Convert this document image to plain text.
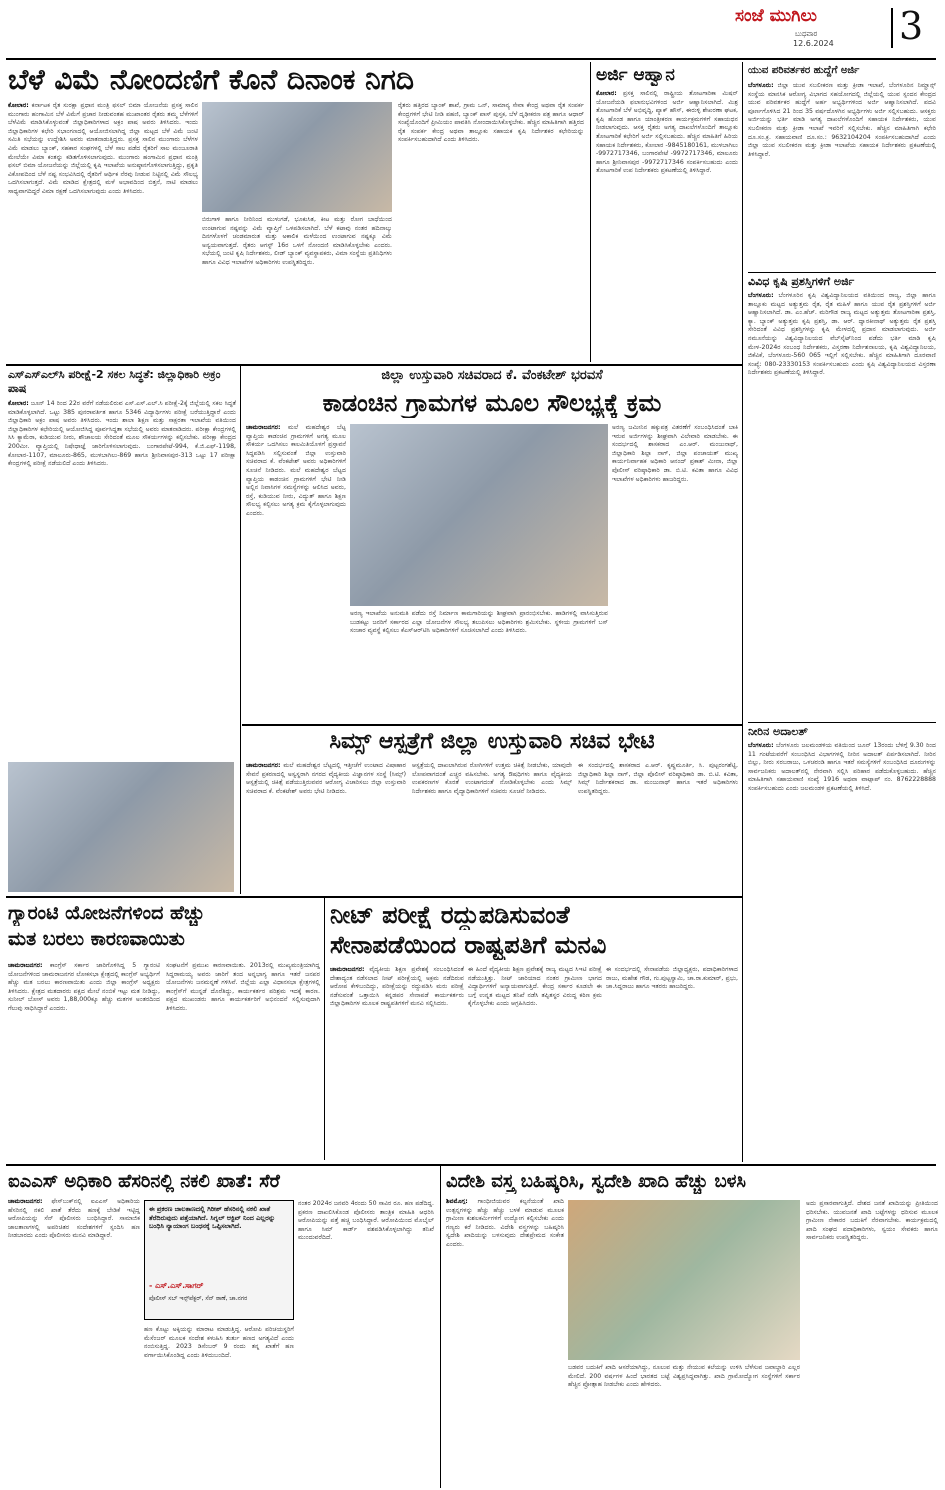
ಸಂಜೆ ಮುಗಿಲು
ಬುಧವಾರ
12.6.2024 3
ಬೆಳೆ ವಿಮೆ ನೋಂದಣಿಗೆ ಕೊನೆ ದಿನಾಂಕ ನಿಗದಿ
ಕೋಲಾರ: ಕರ್ನಾಟಕ ರೈತ ಸುರಕ್ಷಾ ಪ್ರಧಾನ ಮಂತ್ರಿ ಫಸಲ್ ಬಿಮಾ ಯೋಜನೆಯ ಪ್ರಸಕ್ತ ಸಾಲಿನ ಮುಂಗಾರು ಹಂಗಾಮಿನ ಬೆಳೆ ವಿಮೆಗೆ ಪ್ರಚಾರ ನೀಡುವಂತಹ ಮುಖಾಂತರ ರೈತರು ತಮ್ಮ ಬೆಳೆಗಳಿಗೆ ಬೆಳೆವಿಮೆ ಮಾಡಿಸಿಕೊಳ್ಳುವಂತೆ ಜಿಲ್ಲಾಧಿಕಾರಿಗಳಾದ ಅಕ್ರಂ ಪಾಷ ಅವರು ತಿಳಿಸಿದರು. ಇಂದು ಜಿಲ್ಲಾಧಿಕಾರಿಗಳ ಕಛೇರಿ ಸಭಾಂಗಣದಲ್ಲಿ ಆಯೋಜಿಸಲಾಗಿದ್ದ ಜಿಲ್ಲಾ ಮಟ್ಟದ ಬೆಳೆ ವಿಮೆ ಜಂಟಿ ಸಮಿತಿ ಸಭೆಯನ್ನು ಉದ್ದೇಶಿಸಿ ಅವರು ಮಾತನಾಡುತ್ತಿದ್ದರು. ಪ್ರಸಕ್ತ ಸಾಲಿನ ಮುಂಗಾರು ಬೆಳೆಗಳ ವಿಮೆ ಮಾಡಲು ಬ್ಯಾಂಕ್, ಸಹಕಾರ ಸಂಘಗಳಲ್ಲಿ ಬೆಳೆ ಸಾಲ ಪಡೆದ ರೈತರಿಗೆ ಸಾಲ ಮಂಜೂರಾತಿ ಮೇಲೆಯೇ ವಿಮಾ ಕಂತನ್ನು ಕಡಿತಗೊಳಿಸಲಾಗುವುದು. ಮುಂಗಾರು ಹಂಗಾಮಿನ ಪ್ರಧಾನ ಮಂತ್ರಿ ಫಸಲ್ ಬಿಮಾ ಯೋಜನೆಯನ್ನು ಜಿಲ್ಲೆಯಲ್ಲಿ ಕೃಷಿ ಇಲಾಖೆಯ ಅನುಷ್ಠಾನಗೊಳಿಸಲಾಗುತ್ತಿದ್ದು, ಪ್ರಕೃತಿ ವಿಕೋಪದಿಂದ ಬೆಳೆ ನಷ್ಟ ಸಂಭವಿಸಿದಲ್ಲಿ ರೈತರಿಗೆ ಆರ್ಥಿಕ ನೆರವು ನೀಡುವ ನಿಟ್ಟಿನಲ್ಲಿ ವಿಮೆ ಸೌಲಭ್ಯ ಒದಗಿಸಲಾಗುತ್ತದೆ. ವಿಮೆ ಮಾಡಿದ ಕ್ಷೇತ್ರದಲ್ಲಿ ಮಳೆ ಅಭಾವದಿಂದ ಬಿತ್ತನೆ, ನಾಟಿ ಮಾಡಲು ಸಾಧ್ಯವಾಗದಿದ್ದರೆ ವಿಮಾ ರಕ್ಷಣೆ ಒದಗಿಸಲಾಗುವುದು ಎಂದು ತಿಳಿಸಿದರು.
ಬಿರುಗಾಳಿ ಹಾಗೂ ನೀರಿನಿಂದ ಮುಳುಗಡೆ, ಭೂಕುಸಿತ, ಕೀಟ ಮತ್ತು ರೋಗ ಬಾಧೆಯಿಂದ ಉಂಟಾಗುವ ನಷ್ಟವನ್ನು ವಿಮೆ ವ್ಯಾಪ್ತಿಗೆ ಒಳಪಡಿಸಲಾಗಿದೆ. ಬೆಳೆ ಕಟಾವು ನಂತರ ಹದಿನಾಲ್ಕು ದಿನಗಳೊಳಗೆ ಚಂಡಮಾರುತ ಮತ್ತು ಅಕಾಲಿಕ ಮಳೆಯಿಂದ ಉಂಟಾಗುವ ನಷ್ಟಕ್ಕೂ ವಿಮೆ ಅನ್ವಯವಾಗುತ್ತದೆ. ರೈತರು ಆಗಸ್ಟ್ 16ರ ಒಳಗೆ ನೋಂದಣಿ ಮಾಡಿಸಿಕೊಳ್ಳಬೇಕು ಎಂದರು. ಸಭೆಯಲ್ಲಿ ಜಂಟಿ ಕೃಷಿ ನಿರ್ದೇಶಕರು, ಲೀಡ್ ಬ್ಯಾಂಕ್ ವ್ಯವಸ್ಥಾಪಕರು, ವಿಮಾ ಸಂಸ್ಥೆಯ ಪ್ರತಿನಿಧಿಗಳು ಹಾಗೂ ವಿವಿಧ ಇಲಾಖೆಗಳ ಅಧಿಕಾರಿಗಳು ಉಪಸ್ಥಿತರಿದ್ದರು.
ರೈತರು ಹತ್ತಿರದ ಬ್ಯಾಂಕ್ ಶಾಖೆ, ಗ್ರಾಮ ಒನ್, ಸಾಮಾನ್ಯ ಸೇವಾ ಕೇಂದ್ರ ಅಥವಾ ರೈತ ಸಂಪರ್ಕ ಕೇಂದ್ರಗಳಿಗೆ ಭೇಟಿ ನೀಡಿ ಪಹಣಿ, ಬ್ಯಾಂಕ್ ಪಾಸ್ ಪುಸ್ತಕ, ಬೆಳೆ ದೃಢೀಕರಣ ಪತ್ರ ಹಾಗೂ ಆಧಾರ್ ಸಂಖ್ಯೆಯೊಂದಿಗೆ ಪ್ರೀಮಿಯಂ ಪಾವತಿಸಿ ನೋಂದಾಯಿಸಿಕೊಳ್ಳಬೇಕು. ಹೆಚ್ಚಿನ ಮಾಹಿತಿಗಾಗಿ ಹತ್ತಿರದ ರೈತ ಸಂಪರ್ಕ ಕೇಂದ್ರ ಅಥವಾ ತಾಲ್ಲೂಕು ಸಹಾಯಕ ಕೃಷಿ ನಿರ್ದೇಶಕರ ಕಛೇರಿಯನ್ನು ಸಂಪರ್ಕಿಸಬಹುದಾಗಿದೆ ಎಂದು ತಿಳಿಸಿದರು.
ಅರ್ಜಿ ಆಹ್ವಾನ
ಕೋಲಾರ: ಪ್ರಸಕ್ತ ಸಾಲಿನಲ್ಲಿ ರಾಷ್ಟ್ರೀಯ ತೋಟಗಾರಿಕಾ ಮಿಷನ್ ಯೋಜನೆಯಡಿ ಫಲಾನುಭವಿಗಳಿಂದ ಅರ್ಜಿ ಆಹ್ವಾನಿಸಲಾಗಿದೆ. ಮಿಶ್ರ ತೋಟಗಾರಿಕೆ ಬೆಳೆ ಅಭಿವೃದ್ಧಿ, ಪ್ಯಾಕ್ ಹೌಸ್, ಈರುಳ್ಳಿ ಶೇಖರಣಾ ಘಟಕ, ಕೃಷಿ ಹೊಂಡ ಹಾಗೂ ಯಾಂತ್ರೀಕರಣ ಕಾರ್ಯಕ್ರಮಗಳಿಗೆ ಸಹಾಯಧನ ನೀಡಲಾಗುವುದು. ಆಸಕ್ತ ರೈತರು ಅಗತ್ಯ ದಾಖಲೆಗಳೊಂದಿಗೆ ತಾಲ್ಲೂಕು ತೋಟಗಾರಿಕೆ ಕಛೇರಿಗೆ ಅರ್ಜಿ ಸಲ್ಲಿಸಬಹುದು. ಹೆಚ್ಚಿನ ಮಾಹಿತಿಗೆ ಹಿರಿಯ ಸಹಾಯಕ ನಿರ್ದೇಶಕರು, ಕೋಲಾರ -9845180161, ಮುಳಬಾಗಿಲು -9972717346, ಬಂಗಾರಪೇಟೆ -9972717346, ಮಾಲೂರು ಹಾಗೂ ಶ್ರೀನಿವಾಸಪುರ -9972717346 ಸಂಪರ್ಕಿಸಬಹುದು ಎಂದು ತೋಟಗಾರಿಕೆ ಉಪ ನಿರ್ದೇಶಕರು ಪ್ರಕಟಣೆಯಲ್ಲಿ ತಿಳಿಸಿದ್ದಾರೆ.
ಯುವ ಪರಿವರ್ತಕರ ಹುದ್ದೆಗೆ ಅರ್ಜಿ
ಬೆಂಗಳೂರು: ಜಿಲ್ಲಾ ಯುವ ಸಬಲೀಕರಣ ಮತ್ತು ಕ್ರೀಡಾ ಇಲಾಖೆ, ಬೆಂಗಳೂರಿನ ನಿಮ್ಹಾನ್ಸ್ ಸಂಸ್ಥೆಯ ಮಾನಸಿಕ ಆರೋಗ್ಯ ವಿಭಾಗದ ಸಹಯೋಗದಲ್ಲಿ ಜಿಲ್ಲೆಯಲ್ಲಿ ಯುವ ಸ್ಪಂದನ ಕೇಂದ್ರದ ಯುವ ಪರಿವರ್ತಕರ ಹುದ್ದೆಗೆ ಅರ್ಹ ಅಭ್ಯರ್ಥಿಗಳಿಂದ ಅರ್ಜಿ ಆಹ್ವಾನಿಸಲಾಗಿದೆ. ಪದವಿ ಪೂರ್ಣಗೊಳಿಸಿದ 21 ರಿಂದ 35 ವರ್ಷದೊಳಗಿನ ಅಭ್ಯರ್ಥಿಗಳು ಅರ್ಜಿ ಸಲ್ಲಿಸಬಹುದು. ಆಸಕ್ತರು ಅರ್ಜಿಯನ್ನು ಭರ್ತಿ ಮಾಡಿ ಅಗತ್ಯ ದಾಖಲೆಗಳೊಂದಿಗೆ ಸಹಾಯಕ ನಿರ್ದೇಶಕರು, ಯುವ ಸಬಲೀಕರಣ ಮತ್ತು ಕ್ರೀಡಾ ಇಲಾಖೆ ಇವರಿಗೆ ಸಲ್ಲಿಸಬೇಕು. ಹೆಚ್ಚಿನ ಮಾಹಿತಿಗಾಗಿ ಕಛೇರಿ ದೂ.ಸಂ.ಕ್ರ. ಸಹಾಯವಾಣಿ ದೂ.ಸಂ.: 9632104204 ಸಂಪರ್ಕಿಸಬಹುದಾಗಿದೆ ಎಂದು ಜಿಲ್ಲಾ ಯುವ ಸಬಲೀಕರಣ ಮತ್ತು ಕ್ರೀಡಾ ಇಲಾಖೆಯ ಸಹಾಯಕ ನಿರ್ದೇಶಕರು ಪ್ರಕಟಣೆಯಲ್ಲಿ ತಿಳಿಸಿದ್ದಾರೆ.
ವಿವಿಧ ಕೃಷಿ ಪ್ರಶಸ್ತಿಗಳಿಗೆ ಅರ್ಜಿ
ಬೆಂಗಳೂರು: ಬೆಂಗಳೂರಿನ ಕೃಷಿ ವಿಶ್ವವಿದ್ಯಾನಿಲಯದ ವತಿಯಿಂದ ರಾಜ್ಯ, ಜಿಲ್ಲಾ ಹಾಗೂ ತಾಲ್ಲೂಕು ಮಟ್ಟದ ಅತ್ಯುತ್ತಮ ರೈತ, ರೈತ ಮಹಿಳೆ ಹಾಗೂ ಯುವ ರೈತ ಪ್ರಶಸ್ತಿಗಳಿಗೆ ಅರ್ಜಿ ಆಹ್ವಾನಿಸಲಾಗಿದೆ. ಡಾ. ಎಂ.ಹೆಚ್. ಮರಿಗೌಡ ರಾಜ್ಯ ಮಟ್ಟದ ಅತ್ಯುತ್ತಮ ತೋಟಗಾರಿಕಾ ಪ್ರಶಸ್ತಿ, ಕ್ಯಾ. ಬ್ಯಾಂಕ್ ಅತ್ಯುತ್ತಮ ಕೃಷಿ ಪ್ರಶಸ್ತಿ, ಡಾ. ಆರ್. ದ್ವಾರಕೀನಾಥ್ ಅತ್ಯುತ್ತಮ ರೈತ ಪ್ರಶಸ್ತಿ ಸೇರಿದಂತೆ ವಿವಿಧ ಪ್ರಶಸ್ತಿಗಳನ್ನು ಕೃಷಿ ಮೇಳದಲ್ಲಿ ಪ್ರದಾನ ಮಾಡಲಾಗುವುದು. ಅರ್ಜಿ ನಮೂನೆಯನ್ನು ವಿಶ್ವವಿದ್ಯಾನಿಲಯದ ವೆಬ್‌ಸೈಟ್‌ನಿಂದ ಪಡೆದು ಭರ್ತಿ ಮಾಡಿ ಕೃಷಿ ಮೇಳ-2024ರ ಸಂಬಂಧ ನಿರ್ದೇಶಕರು, ವಿಸ್ತರಣಾ ನಿರ್ದೇಶನಾಲಯ, ಕೃಷಿ ವಿಶ್ವವಿದ್ಯಾನಿಲಯ, ಜಿಕೆವಿಕೆ, ಬೆಂಗಳೂರು-560 065 ಇಲ್ಲಿಗೆ ಸಲ್ಲಿಸಬೇಕು. ಹೆಚ್ಚಿನ ಮಾಹಿತಿಗಾಗಿ ದೂರವಾಣಿ ಸಂಖ್ಯೆ: 080-23330153 ಸಂಪರ್ಕಿಸಬಹುದು ಎಂದು ಕೃಷಿ ವಿಶ್ವವಿದ್ಯಾನಿಲಯದ ವಿಸ್ತರಣಾ ನಿರ್ದೇಶಕರು ಪ್ರಕಟಣೆಯಲ್ಲಿ ತಿಳಿಸಿದ್ದಾರೆ.
ನೀರಿನ ಅದಾಲತ್
ಬೆಂಗಳೂರು: ಬೆಂಗಳೂರು ಜಲಮಂಡಳಿಯ ವತಿಯಿಂದ ಜೂನ್ 13ರಂದು ಬೆಳಿಗ್ಗೆ 9.30 ರಿಂದ 11 ಗಂಟೆಯವರೆಗೆ ಸಂಬಂಧಿಸಿದ ವಿಭಾಗಗಳಲ್ಲಿ ನೀರಿನ ಅದಾಲತ್ ಏರ್ಪಡಿಸಲಾಗಿದೆ. ನೀರಿನ ಬಿಲ್ಲು, ನೀರು ಸರಬರಾಜು, ಒಳಚರಂಡಿ ಹಾಗೂ ಇತರೆ ಸಮಸ್ಯೆಗಳಿಗೆ ಸಂಬಂಧಿಸಿದ ದೂರುಗಳನ್ನು ಸಾರ್ವಜನಿಕರು ಅದಾಲತ್‌ನಲ್ಲಿ ನೇರವಾಗಿ ಸಲ್ಲಿಸಿ ಪರಿಹಾರ ಪಡೆದುಕೊಳ್ಳಬಹುದು. ಹೆಚ್ಚಿನ ಮಾಹಿತಿಗಾಗಿ ಸಹಾಯವಾಣಿ ಸಂಖ್ಯೆ 1916 ಅಥವಾ ವಾಟ್ಸಾಪ್ ನಂ. 8762228888 ಸಂಪರ್ಕಿಸಬಹುದು ಎಂದು ಜಲಮಂಡಳಿ ಪ್ರಕಟಣೆಯಲ್ಲಿ ತಿಳಿಸಿದೆ.
ಎಸ್‌ಎಸ್‌ಎಲ್‌ಸಿ ಪರೀಕ್ಷೆ-2 ಸಕಲ ಸಿದ್ಧತೆ: ಜಿಲ್ಲಾಧಿಕಾರಿ ಅಕ್ರಂ ಪಾಷ
ಕೋಲಾರ: ಜೂನ್ 14 ರಿಂದ 22ರ ವರೆಗೆ ನಡೆಯಲಿರುವ ಎಸ್.ಎಸ್.ಎಲ್.ಸಿ ಪರೀಕ್ಷೆ-2ಕ್ಕೆ ಜಿಲ್ಲೆಯಲ್ಲಿ ಸಕಲ ಸಿದ್ಧತೆ ಮಾಡಿಕೊಳ್ಳಲಾಗಿದೆ. ಒಟ್ಟು 385 ಪುನರಾವರ್ತಿತ ಹಾಗೂ 5346 ವಿದ್ಯಾರ್ಥಿಗಳು ಪರೀಕ್ಷೆ ಬರೆಯುತ್ತಿದ್ದಾರೆ ಎಂದು ಜಿಲ್ಲಾಧಿಕಾರಿ ಅಕ್ರಂ ಪಾಷ ಅವರು ತಿಳಿಸಿದರು. ಇಂದು ಶಾಲಾ ಶಿಕ್ಷಣ ಮತ್ತು ಸಾಕ್ಷರತಾ ಇಲಾಖೆಯ ವತಿಯಿಂದ ಜಿಲ್ಲಾಧಿಕಾರಿಗಳ ಕಛೇರಿಯಲ್ಲಿ ಆಯೋಜಿಸಿದ್ದ ಪೂರ್ವಸಿದ್ಧತಾ ಸಭೆಯಲ್ಲಿ ಅವರು ಮಾತನಾಡಿದರು. ಪರೀಕ್ಷಾ ಕೇಂದ್ರಗಳಲ್ಲಿ ಸಿಸಿ ಕ್ಯಾಮೆರಾ, ಕುಡಿಯುವ ನೀರು, ಶೌಚಾಲಯ ಸೇರಿದಂತೆ ಮೂಲ ಸೌಕರ್ಯಗಳನ್ನು ಕಲ್ಪಿಸಬೇಕು. ಪರೀಕ್ಷಾ ಕೇಂದ್ರದ 200ಮೀ. ವ್ಯಾಪ್ತಿಯಲ್ಲಿ ನಿಷೇಧಾಜ್ಞೆ ಜಾರಿಗೊಳಿಸಲಾಗುವುದು. ಬಂಗಾರಪೇಟೆ-994, ಕೆ.ಜಿ.ಎಫ್-1198, ಕೋಲಾರ-1107, ಮಾಲೂರು-865, ಮುಳಬಾಗಿಲು-869 ಹಾಗೂ ಶ್ರೀನಿವಾಸಪುರ-313 ಒಟ್ಟು 17 ಪರೀಕ್ಷಾ ಕೇಂದ್ರಗಳಲ್ಲಿ ಪರೀಕ್ಷೆ ನಡೆಯಲಿದೆ ಎಂದು ತಿಳಿಸಿದರು.
ಜಿಲ್ಲಾ ಉಸ್ತುವಾರಿ ಸಚಿವರಾದ ಕೆ. ವೆಂಕಟೇಶ್ ಭರವಸೆ
ಕಾಡಂಚಿನ ಗ್ರಾಮಗಳ ಮೂಲ ಸೌಲಭ್ಯಕ್ಕೆ ಕ್ರಮ
ಚಾಮರಾಜನಗರ: ಮಲೆ ಮಹದೇಶ್ವರ ಬೆಟ್ಟ ವ್ಯಾಪ್ತಿಯ ಕಾಡಂಚಿನ ಗ್ರಾಮಗಳಿಗೆ ಅಗತ್ಯ ಮೂಲ ಸೌಕರ್ಯ ಒದಗಿಸಲು ಕಾಲಮಿತಿಯೊಳಗೆ ಪ್ರಸ್ತಾವನೆ ಸಿದ್ಧಪಡಿಸಿ ಸಲ್ಲಿಸುವಂತೆ ಜಿಲ್ಲಾ ಉಸ್ತುವಾರಿ ಸಚಿವರಾದ ಕೆ. ವೆಂಕಟೇಶ್ ಅವರು ಅಧಿಕಾರಿಗಳಿಗೆ ಸೂಚನೆ ನೀಡಿದರು. ಮಲೆ ಮಹದೇಶ್ವರ ಬೆಟ್ಟದ ವ್ಯಾಪ್ತಿಯ ಕಾಡಂಚಿನ ಗ್ರಾಮಗಳಿಗೆ ಭೇಟಿ ನೀಡಿ ಅಲ್ಲಿನ ನಿವಾಸಿಗಳ ಸಮಸ್ಯೆಗಳನ್ನು ಆಲಿಸಿದ ಅವರು, ರಸ್ತೆ, ಕುಡಿಯುವ ನೀರು, ವಿದ್ಯುತ್ ಹಾಗೂ ಶಿಕ್ಷಣ ಸೌಲಭ್ಯ ಕಲ್ಪಿಸಲು ಅಗತ್ಯ ಕ್ರಮ ಕೈಗೊಳ್ಳಲಾಗುವುದು ಎಂದರು.
ಅರಣ್ಯ ಇಲಾಖೆಯ ಅನುಮತಿ ಪಡೆದು ರಸ್ತೆ ನಿರ್ಮಾಣ ಕಾಮಗಾರಿಯನ್ನು ಶೀಘ್ರವಾಗಿ ಪ್ರಾರಂಭಿಸಬೇಕು. ಹಾಡಿಗಳಲ್ಲಿ ವಾಸಿಸುತ್ತಿರುವ ಬುಡಕಟ್ಟು ಜನರಿಗೆ ಸರ್ಕಾರದ ಎಲ್ಲಾ ಯೋಜನೆಗಳ ಸೌಲಭ್ಯ ತಲುಪಿಸಲು ಅಧಿಕಾರಿಗಳು ಶ್ರಮಿಸಬೇಕು. ಸ್ಥಳೀಯ ಗ್ರಾಮಗಳಿಗೆ ಬಸ್ ಸಂಚಾರ ವ್ಯವಸ್ಥೆ ಕಲ್ಪಿಸಲು ಕೆಎಸ್‌ಆರ್‌ಟಿಸಿ ಅಧಿಕಾರಿಗಳಿಗೆ ಸೂಚಿಸಲಾಗಿದೆ ಎಂದು ತಿಳಿಸಿದರು.
ಅರಣ್ಯ ಜಮೀನಿನ ಹಕ್ಕುಪತ್ರ ವಿತರಣೆಗೆ ಸಂಬಂಧಿಸಿದಂತೆ ಬಾಕಿ ಇರುವ ಅರ್ಜಿಗಳನ್ನು ಶೀಘ್ರವಾಗಿ ವಿಲೇವಾರಿ ಮಾಡಬೇಕು. ಈ ಸಂದರ್ಭದಲ್ಲಿ ಶಾಸಕರಾದ ಎಂ.ಆರ್. ಮಂಜುನಾಥ್, ಜಿಲ್ಲಾಧಿಕಾರಿ ಶಿಲ್ಪಾ ನಾಗ್, ಜಿಲ್ಲಾ ಪಂಚಾಯತ್ ಮುಖ್ಯ ಕಾರ್ಯನಿರ್ವಾಹಕ ಅಧಿಕಾರಿ ಆನಂದ್ ಪ್ರಕಾಶ್ ಮೀನಾ, ಜಿಲ್ಲಾ ಪೊಲೀಸ್ ವರಿಷ್ಠಾಧಿಕಾರಿ ಡಾ. ಬಿ.ಟಿ. ಕವಿತಾ ಹಾಗೂ ವಿವಿಧ ಇಲಾಖೆಗಳ ಅಧಿಕಾರಿಗಳು ಹಾಜರಿದ್ದರು.
ಸಿಮ್ಸ್ ಆಸ್ಪತ್ರೆಗೆ ಜಿಲ್ಲಾ ಉಸ್ತುವಾರಿ ಸಚಿವ ಭೇಟಿ
ಚಾಮರಾಜನಗರ: ಮಲೆ ಮಹದೇಶ್ವರ ಬೆಟ್ಟದಲ್ಲಿ ಇತ್ತೀಚೆಗೆ ಉಂಟಾದ ವಿಷಾಹಾರ ಸೇವನೆ ಪ್ರಕರಣದಲ್ಲಿ ಅಸ್ವಸ್ಥರಾಗಿ ನಗರದ ವೈದ್ಯಕೀಯ ವಿಜ್ಞಾನಗಳ ಸಂಸ್ಥೆ (ಸಿಮ್ಸ್) ಆಸ್ಪತ್ರೆಯಲ್ಲಿ ಚಿಕಿತ್ಸೆ ಪಡೆಯುತ್ತಿರುವವರ ಆರೋಗ್ಯ ವಿಚಾರಿಸಲು ಜಿಲ್ಲಾ ಉಸ್ತುವಾರಿ ಸಚಿವರಾದ ಕೆ. ವೆಂಕಟೇಶ್ ಅವರು ಭೇಟಿ ನೀಡಿದರು.
ಆಸ್ಪತ್ರೆಯಲ್ಲಿ ದಾಖಲಾಗಿರುವ ರೋಗಿಗಳಿಗೆ ಉತ್ತಮ ಚಿಕಿತ್ಸೆ ನೀಡಬೇಕು, ಯಾವುದೇ ಲೋಪವಾಗದಂತೆ ಎಚ್ಚರ ವಹಿಸಬೇಕು. ಅಗತ್ಯ ಔಷಧಿಗಳು ಹಾಗೂ ವೈದ್ಯಕೀಯ ಉಪಕರಣಗಳ ಕೊರತೆ ಉಂಟಾಗದಂತೆ ನೋಡಿಕೊಳ್ಳಬೇಕು ಎಂದು ಸಿಮ್ಸ್ ನಿರ್ದೇಶಕರು ಹಾಗೂ ವೈದ್ಯಾಧಿಕಾರಿಗಳಿಗೆ ಸಚಿವರು ಸೂಚನೆ ನೀಡಿದರು.
ಈ ಸಂದರ್ಭದಲ್ಲಿ ಶಾಸಕರಾದ ಎ.ಆರ್. ಕೃಷ್ಣಮೂರ್ತಿ, ಸಿ. ಪುಟ್ಟರಂಗಶೆಟ್ಟಿ, ಜಿಲ್ಲಾಧಿಕಾರಿ ಶಿಲ್ಪಾ ನಾಗ್, ಜಿಲ್ಲಾ ಪೊಲೀಸ್ ವರಿಷ್ಠಾಧಿಕಾರಿ ಡಾ. ಬಿ.ಟಿ. ಕವಿತಾ, ಸಿಮ್ಸ್ ನಿರ್ದೇಶಕರಾದ ಡಾ. ಮಂಜುನಾಥ್ ಹಾಗೂ ಇತರೆ ಅಧಿಕಾರಿಗಳು ಉಪಸ್ಥಿತರಿದ್ದರು.
ಗ್ಯಾರಂಟಿ ಯೋಜನೆಗಳಿಂದ ಹೆಚ್ಚು
ಮತ ಬರಲು ಕಾರಣವಾಯಿತು
ಚಾಮರಾಜನಗರ: ಕಾಂಗ್ರೆಸ್ ಸರ್ಕಾರ ಜಾರಿಗೊಳಿಸಿದ್ದ 5 ಗ್ಯಾರಂಟಿ ಯೋಜನೆಗಳಿಂದ ಚಾಮರಾಜನಗರ ಲೋಕಸಭಾ ಕ್ಷೇತ್ರದಲ್ಲಿ ಕಾಂಗ್ರೆಸ್ ಅಭ್ಯರ್ಥಿಗೆ ಹೆಚ್ಚು ಮತ ಬರಲು ಕಾರಣವಾಯಿತು ಎಂದು ಜಿಲ್ಲಾ ಕಾಂಗ್ರೆಸ್ ಅಧ್ಯಕ್ಷರು ತಿಳಿಸಿದರು. ಕ್ಷೇತ್ರದ ಮತದಾರರು ಪಕ್ಷದ ಮೇಲೆ ನಂಬಿಕೆ ಇಟ್ಟು ಮತ ನೀಡಿದ್ದು, ಸುನೀಲ್ ಬೋಸ್ ಅವರು 1,88,000ಕ್ಕೂ ಹೆಚ್ಚು ಮತಗಳ ಅಂತರದಿಂದ ಗೆಲುವು ಸಾಧಿಸಿದ್ದಾರೆ ಎಂದರು.
ಸಂಘಟನೆಗೆ ಪ್ರಮುಖ ಕಾರಣವಾಯಿತು. 2013ರಲ್ಲಿ ಮುಖ್ಯಮಂತ್ರಿಯಾಗಿದ್ದ ಸಿದ್ದರಾಮಯ್ಯ ಅವರು ಜಾರಿಗೆ ತಂದ ಅನ್ನಭಾಗ್ಯ ಹಾಗೂ ಇತರೆ ಜನಪರ ಯೋಜನೆಗಳು ಜನಮನ್ನಣೆ ಗಳಿಸಿವೆ. ಜಿಲ್ಲೆಯ ಎಲ್ಲಾ ವಿಧಾನಸಭಾ ಕ್ಷೇತ್ರಗಳಲ್ಲಿ ಕಾಂಗ್ರೆಸ್‌ಗೆ ಮುನ್ನಡೆ ದೊರೆತಿದ್ದು, ಕಾರ್ಯಕರ್ತರ ಪರಿಶ್ರಮ ಇದಕ್ಕೆ ಕಾರಣ. ಪಕ್ಷದ ಮುಖಂಡರು ಹಾಗೂ ಕಾರ್ಯಕರ್ತರಿಗೆ ಅಭಿನಂದನೆ ಸಲ್ಲಿಸುವುದಾಗಿ ತಿಳಿಸಿದರು.
ನೀಟ್ ಪರೀಕ್ಷೆ ರದ್ದುಪಡಿಸುವಂತೆ
ಸೇನಾಪಡೆಯಿಂದ ರಾಷ್ಟ್ರಪತಿಗೆ ಮನವಿ
ಚಾಮರಾಜನಗರ: ವೈದ್ಯಕೀಯ ಶಿಕ್ಷಣ ಪ್ರವೇಶಕ್ಕೆ ಸಂಬಂಧಿಸಿದಂತೆ ದೇಶಾದ್ಯಂತ ನಡೆಸಲಾದ ನೀಟ್ ಪರೀಕ್ಷೆಯಲ್ಲಿ ಅಕ್ರಮ ನಡೆದಿರುವ ಆರೋಪ ಕೇಳಿಬಂದಿದ್ದು, ಪರೀಕ್ಷೆಯನ್ನು ರದ್ದುಪಡಿಸಿ ಮರು ಪರೀಕ್ಷೆ ನಡೆಸುವಂತೆ ಒತ್ತಾಯಿಸಿ ಕನ್ನಡಪರ ಸೇನಾಪಡೆ ಕಾರ್ಯಕರ್ತರು ಜಿಲ್ಲಾಧಿಕಾರಿಗಳ ಮೂಲಕ ರಾಷ್ಟ್ರಪತಿಗಳಿಗೆ ಮನವಿ ಸಲ್ಲಿಸಿದರು.
ಈ ಹಿಂದೆ ವೈದ್ಯಕೀಯ ಶಿಕ್ಷಣ ಪ್ರವೇಶಕ್ಕೆ ರಾಜ್ಯ ಮಟ್ಟದ ಸಿಇಟಿ ಪರೀಕ್ಷೆ ನಡೆಯುತ್ತಿತ್ತು. ನೀಟ್ ಜಾರಿಯಾದ ನಂತರ ಗ್ರಾಮೀಣ ಭಾಗದ ವಿದ್ಯಾರ್ಥಿಗಳಿಗೆ ಅನ್ಯಾಯವಾಗುತ್ತಿದೆ. ಕೇಂದ್ರ ಸರ್ಕಾರ ಕೂಡಲೇ ಈ ಬಗ್ಗೆ ಉನ್ನತ ಮಟ್ಟದ ತನಿಖೆ ನಡೆಸಿ ತಪ್ಪಿತಸ್ಥರ ವಿರುದ್ಧ ಕಠಿಣ ಕ್ರಮ ಕೈಗೊಳ್ಳಬೇಕು ಎಂದು ಆಗ್ರಹಿಸಿದರು.
ಈ ಸಂದರ್ಭದಲ್ಲಿ ಸೇನಾಪಡೆಯ ಜಿಲ್ಲಾಧ್ಯಕ್ಷರು, ಪದಾಧಿಕಾರಿಗಳಾದ ರಾಜು, ಮಹೇಶ ಗೌಡ, ಗು.ಪುಟ್ಟಸ್ವಾಮಿ, ಚಾ.ರಾ.ಕುಮಾರ್, ಪ್ರಭು, ಚಾ.ಸಿದ್ದರಾಜು ಹಾಗೂ ಇತರರು ಹಾಜರಿದ್ದರು.
ಐಎಎಸ್ ಅಧಿಕಾರಿ ಹೆಸರಿನಲ್ಲಿ ನಕಲಿ ಖಾತೆ: ಸೆರೆ
ಚಾಮರಾಜನಗರ: ಫೇಸ್‌ಬುಕ್‌ನಲ್ಲಿ ಐಎಎಸ್ ಅಧಿಕಾರಿಯ ಹೆಸರಿನಲ್ಲಿ ನಕಲಿ ಖಾತೆ ತೆರೆದು ಹಣಕ್ಕೆ ಬೇಡಿಕೆ ಇಟ್ಟಿದ್ದ ಆರೋಪಿಯನ್ನು ಸೆನ್ ಪೊಲೀಸರು ಬಂಧಿಸಿದ್ದಾರೆ. ಸಾಮಾಜಿಕ ಜಾಲತಾಣಗಳಲ್ಲಿ ಅಪರಿಚಿತರ ಸಂದೇಶಗಳಿಗೆ ಸ್ಪಂದಿಸಿ ಹಣ ನೀಡಬಾರದು ಎಂದು ಪೊಲೀಸರು ಮನವಿ ಮಾಡಿದ್ದಾರೆ.
ಈ ಪ್ರಕರಣ ಜಾಲತಾಣದಲ್ಲಿ ಗಿರೀಶ್ ಹೆಸರಿನಲ್ಲಿ ನಕಲಿ ಖಾತೆ ತೆರೆದಿರುವುದು ಪತ್ತೆಯಾಗಿದೆ. ಸಿಗ್ನಲ್ ಆಕ್ಟಿವ್ ನಿಂದ ಎಲ್ಲರನ್ನು ಬಂಧಿಸಿ ನ್ಯಾಯಾಂಗ ಬಂಧನಕ್ಕೆ ಒಪ್ಪಿಸಲಾಗಿದೆ.
- ಎಸ್.ಎಸ್.ಸಾಗರ್
ಪೊಲೀಸ್ ಸಬ್ ಇನ್ಸ್‌ಪೆಕ್ಟರ್, ಸೆನ್ ಠಾಣೆ, ಚಾ.ನಗರ
ಹಣ ಕೊಟ್ಟು ಅಕ್ಕಿಯನ್ನು ಮಾರಾಟ ಮಾಡುತ್ತಿದ್ದ. ಆರೋಪಿ ಪರಿಚಯಸ್ಥರಿಗೆ ಮೆಸೆಂಜರ್ ಮೂಲಕ ಸಂದೇಶ ಕಳುಹಿಸಿ ತುರ್ತು ಹಣದ ಅಗತ್ಯವಿದೆ ಎಂದು ನಂಬಿಸುತ್ತಿದ್ದ. 2023 ಡಿಸೆಂಬರ್ 9 ರಂದು ತನ್ನ ಖಾತೆಗೆ ಹಣ ವರ್ಗಾಯಿಸಿಕೊಂಡಿದ್ದ ಎಂದು ತಿಳಿದುಬಂದಿದೆ.
ನಂತರ 2024ರ ಜನವರಿ 4ರಂದು 50 ಸಾವಿರ ರೂ. ಹಣ ಪಡೆದಿದ್ದ. ಪ್ರಕರಣ ದಾಖಲಿಸಿಕೊಂಡ ಪೊಲೀಸರು ತಾಂತ್ರಿಕ ಮಾಹಿತಿ ಆಧರಿಸಿ ಆರೋಪಿಯನ್ನು ಪತ್ತೆ ಹಚ್ಚಿ ಬಂಧಿಸಿದ್ದಾರೆ. ಆರೋಪಿಯಿಂದ ಮೊಬೈಲ್ ಹಾಗೂ ಸಿಮ್ ಕಾರ್ಡ್ ವಶಪಡಿಸಿಕೊಳ್ಳಲಾಗಿದ್ದು ತನಿಖೆ ಮುಂದುವರೆದಿದೆ.
ವಿದೇಶಿ ವಸ್ತ್ರ ಬಹಿಷ್ಕರಿಸಿ, ಸ್ವದೇಶಿ ಖಾದಿ ಹೆಚ್ಚು ಬಳಸಿ
ಶಿವಮೊಗ್ಗ: ಗಾಂಧೀಜಿಯವರ ಕಲ್ಪನೆಯಂತೆ ಖಾದಿ ಉತ್ಪನ್ನಗಳನ್ನು ಹೆಚ್ಚು ಹೆಚ್ಚು ಬಳಕೆ ಮಾಡುವ ಮೂಲಕ ಗ್ರಾಮೀಣ ಕುಶಲಕರ್ಮಿಗಳಿಗೆ ಉದ್ಯೋಗ ಕಲ್ಪಿಸಬೇಕು ಎಂದು ಗಣ್ಯರು ಕರೆ ನೀಡಿದರು. ವಿದೇಶಿ ವಸ್ತ್ರಗಳನ್ನು ಬಹಿಷ್ಕರಿಸಿ ಸ್ವದೇಶಿ ಖಾದಿಯನ್ನು ಬಳಸುವುದು ದೇಶಪ್ರೇಮದ ಸಂಕೇತ ಎಂದರು.
ಬಡವರ ಬದುಕಿಗೆ ಖಾದಿ ಆಸರೆಯಾಗಿದ್ದು, ನೂಲುವ ಮತ್ತು ನೇಯುವ ಕಲೆಯನ್ನು ಉಳಿಸಿ ಬೆಳೆಸುವ ಜವಾಬ್ದಾರಿ ಎಲ್ಲರ ಮೇಲಿದೆ. 200 ವರ್ಷಗಳ ಹಿಂದೆ ಭಾರತದ ಬಟ್ಟೆ ವಿಶ್ವಪ್ರಸಿದ್ಧವಾಗಿತ್ತು. ಖಾದಿ ಗ್ರಾಮೋದ್ಯೋಗ ಸಂಸ್ಥೆಗಳಿಗೆ ಸರ್ಕಾರ ಹೆಚ್ಚಿನ ಪ್ರೋತ್ಸಾಹ ನೀಡಬೇಕು ಎಂದು ಹೇಳಿದರು.
ಅದು ಪ್ರಸಾರವಾಗುತ್ತಿದೆ. ದೇಶದ ಜನತೆ ಖಾದಿಯನ್ನು ಪ್ರೀತಿಯಿಂದ ಧರಿಸಬೇಕು. ಯುವಜನತೆ ಖಾದಿ ಬಟ್ಟೆಗಳನ್ನು ಧರಿಸುವ ಮೂಲಕ ಗ್ರಾಮೀಣ ನೇಕಾರರ ಬದುಕಿಗೆ ನೆರವಾಗಬೇಕು. ಕಾರ್ಯಕ್ರಮದಲ್ಲಿ ಖಾದಿ ಸಂಘದ ಪದಾಧಿಕಾರಿಗಳು, ಸ್ವಯಂ ಸೇವಕರು ಹಾಗೂ ಸಾರ್ವಜನಿಕರು ಉಪಸ್ಥಿತರಿದ್ದರು.
